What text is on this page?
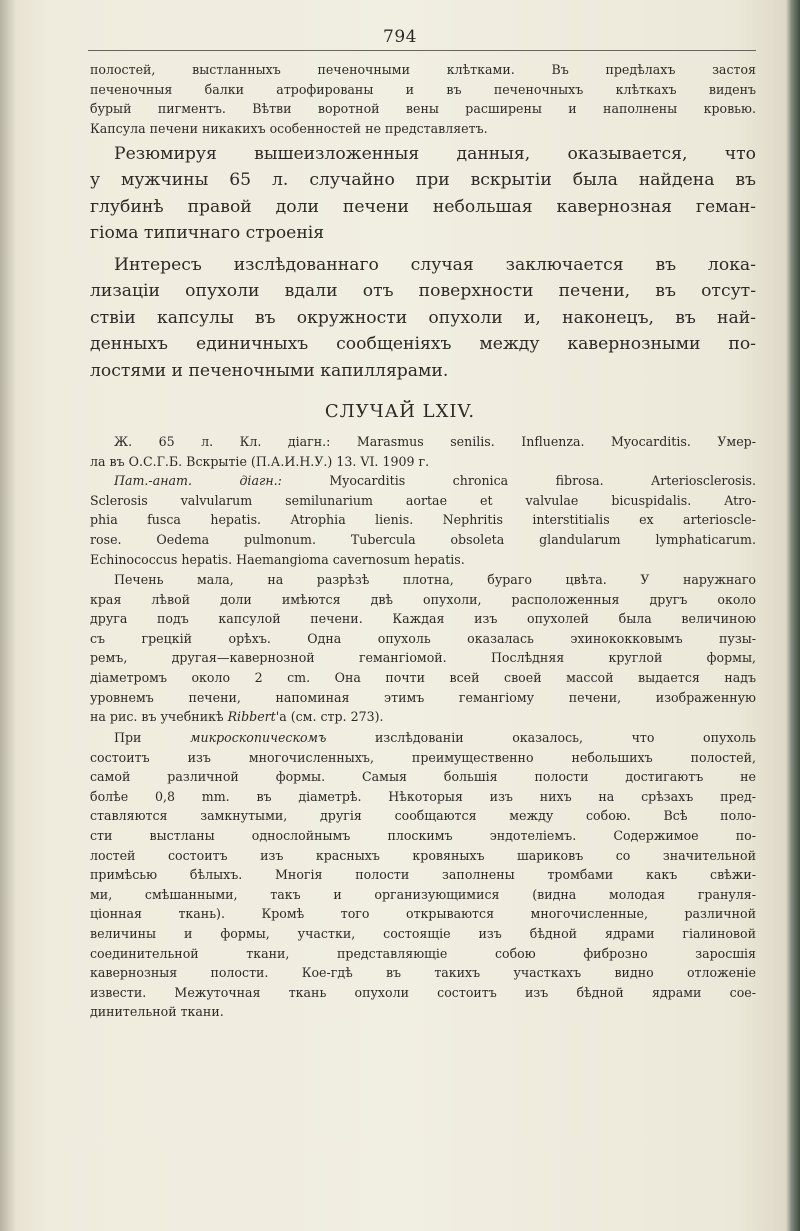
794
полостей, выстланныхъ печеночными клѣтками. Въ предѣлахъ застоя
печеночныя балки атрофированы и въ печеночныхъ клѣткахъ виденъ
бурый пигментъ. Вѣтви воротной вены расширены и наполнены кровью.
Капсула печени никакихъ особенностей не представляетъ.
Резюмируя вышеизложенныя данныя, оказывается, что
у мужчины 65 л. случайно при вскрытіи была найдена въ
глубинѣ правой доли печени небольшая кавернозная геман-
гіома типичнаго строенія
Интересъ изслѣдованнаго случая заключается въ лока-
лизаціи опухоли вдали отъ поверхности печени, въ отсут-
ствіи капсулы въ окружности опухоли и, наконецъ, въ най-
денныхъ единичныхъ сообщеніяхъ между кавернозными по-
лостями и печеночными капиллярами.
СЛУЧАЙ LXIV.
Ж. 65 л. Кл. діагн.: Marasmus senilis. Influenza. Myocarditis. Умер-
ла въ О.С.Г.Б. Вскрытіе (П.А.И.Н.У.) 13. VI. 1909 г.
Пат.-анат. діагн.: Myocarditis chronica fibrosa. Arteriosclerosis.
Sclerosis valvularum semilunarium aortae et valvulae bicuspidalis. Atro-
phia fusca hepatis. Atrophia lienis. Nephritis interstitialis ex arterioscle-
rose. Oedema pulmonum. Tubercula obsoleta glandularum lymphaticarum.
Echinococcus hepatis. Haemangioma cavernosum hepatis.
Печень мала, на разрѣзѣ плотна, бураго цвѣта. У наружнаго
края лѣвой доли имѣются двѣ опухоли, расположенныя другъ около
друга подъ капсулой печени. Каждая изъ опухолей была величиною
съ грецкій орѣхъ. Одна опухоль оказалась эхинококковымъ пузы-
ремъ, другая—кавернозной гемангіомой. Послѣдняя круглой формы,
діаметромъ около 2 cm. Она почти всей своей массой выдается надъ
уровнемъ печени, напоминая этимъ гемангіому печени, изображенную
на рис. въ учебникѣ Ribbert'а (см. стр. 273).
При микроскопическомъ изслѣдованіи оказалось, что опухоль
состоитъ изъ многочисленныхъ, преимущественно небольшихъ полостей,
самой различной формы. Самыя большія полости достигаютъ не
болѣе 0,8 mm. въ діаметрѣ. Нѣкоторыя изъ нихъ на срѣзахъ пред-
ставляются замкнутыми, другія сообщаются между собою. Всѣ поло-
сти выстланы однослойнымъ плоскимъ эндотеліемъ. Содержимое по-
лостей состоитъ изъ красныхъ кровяныхъ шариковъ со значительной
примѣсью бѣлыхъ. Многія полости заполнены тромбами какъ свѣжи-
ми, смѣшанными, такъ и организующимися (видна молодая грануля-
ціонная ткань). Кромѣ того открываются многочисленные, различной
величины и формы, участки, состоящіе изъ бѣдной ядрами гіалиновой
соединительной ткани, представляющіе собою фиброзно заросшія
кавернозныя полости. Кое-гдѣ въ такихъ участкахъ видно отложеніе
извести. Межуточная ткань опухоли состоитъ изъ бѣдной ядрами сое-
динительной ткани.
